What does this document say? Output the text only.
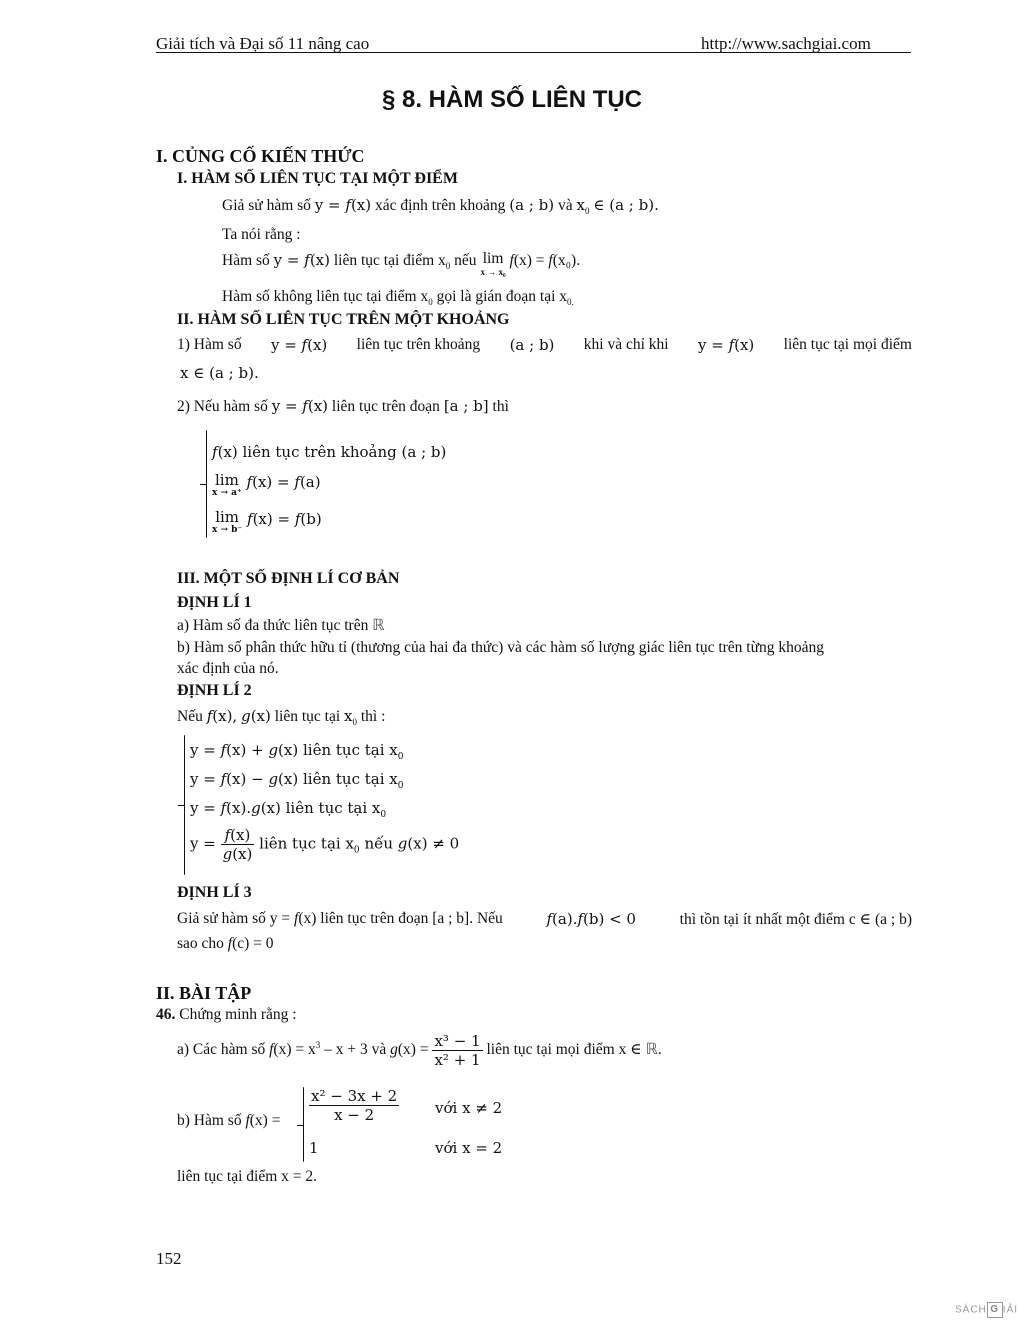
Giải tích và Đại số 11 nâng cao	http://www.sachgiai.com
§ 8. HÀM SỐ LIÊN TỤC
I. CỦNG CỐ KIẾN THỨC
I. HÀM SỐ LIÊN TỤC TẠI MỘT ĐIỂM
Giả sử hàm số y = f(x) xác định trên khoảng (a ; b) và $x_0$ ∈ (a ; b).
Ta nói rằng :
Hàm số y = f(x) liên tục tại điểm $x_0$ nếu lim
x → x₀
f(x) = f(x₀).
Hàm số không liên tục tại điểm $x_0$ gọi là gián đoạn tại $x_{0.}$
II. HÀM SỐ LIÊN TỤC TRÊN MỘT KHOẢNG
1) Hàm số y = f(x) liên tục trên khoảng (a ; b) khi và chỉ khi y = f(x) liên tục tại mọi điểm
x ∈ (a ; b).
2) Nếu hàm số y = f(x) liên tục trên đoạn [a ; b] thì
f(x) liên tục trên khoảng (a ; b)
lim
x → a⁺
f(x) = f(a)
lim
x → b⁻
f(x) = f(b)
III. MỘT SỐ ĐỊNH LÍ CƠ BẢN
ĐỊNH LÍ 1
a) Hàm số đa thức liên tục trên ℝ
b) Hàm số phân thức hữu tỉ (thương của hai đa thức) và các hàm số lượng giác liên tục trên từng khoảng
xác định của nó.
ĐỊNH LÍ 2
Nếu f(x), g(x) liên tục tại $x_0$ thì :
y = f(x) + g(x) liên tục tại $x_0$
y = f(x) − g(x) liên tục tại $x_0$
y = f(x).g(x) liên tục tại $x_0$
$y = \frac{f(x)}{g(x)}$ liên tục tại $x_0$ nếu g(x) ≠ 0
ĐỊNH LÍ 3
Giả sử hàm số y = f(x) liên tục trên đoạn [a ; b]. Nếu	f(a).f(b) < 0	thì tồn tại ít nhất một điểm c ∈ (a ; b)
sao cho f(c) = 0
II. BÀI TẬP
46. Chứng minh rằng :
a) Các hàm số $f(x) = x^3 - x + 3$ và $g(x) = \frac{\text{x³ − 1}}{\text{x² + 1}}$ liên tục tại mọi điểm x ∈ ℝ.
b) Hàm số $f(x) = \frac{\text{x² − 3x + 2}}{x - 2}$ với x ≠ 2
1	với x = 2
liên tục tại điểm x = 2.
152
SÁCH G IẢI
